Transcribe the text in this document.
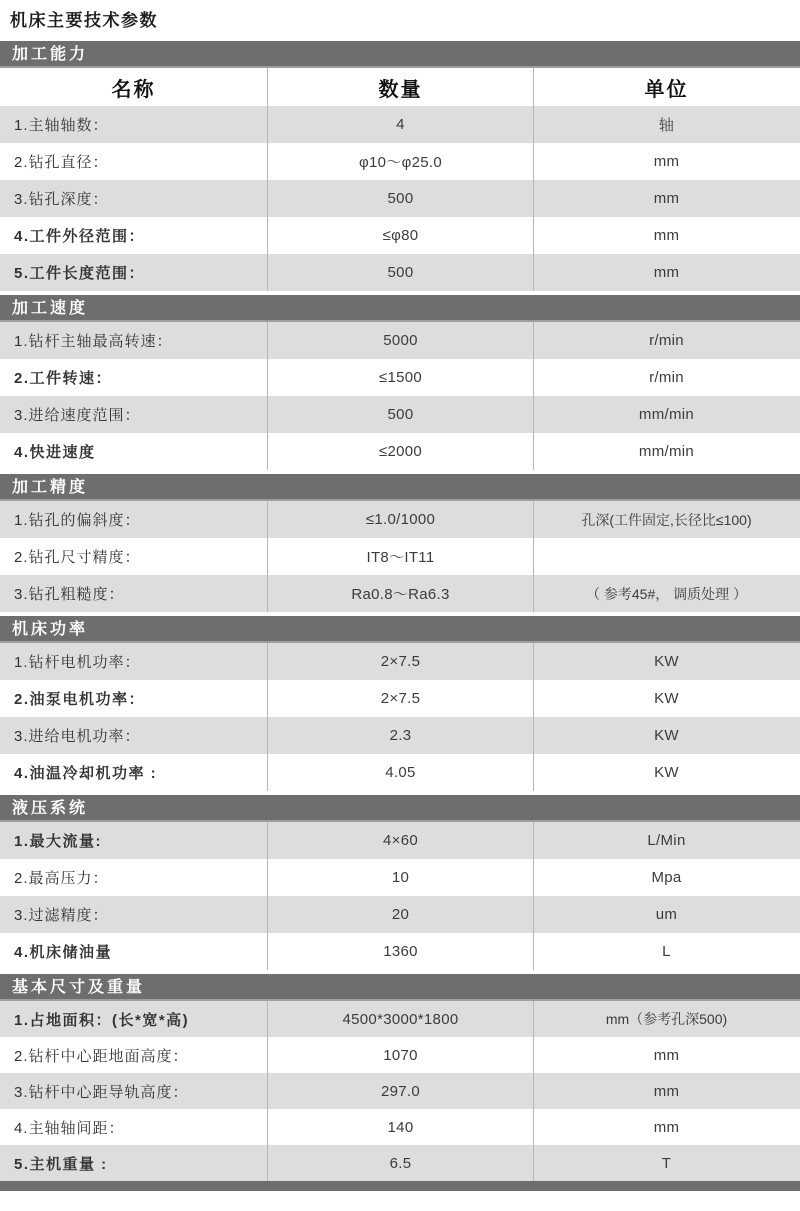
机床主要技术参数
加工能力
名称	数量	单位
1.主轴轴数：	4	轴
2.钻孔直径：	φ10～φ25.0	mm
3.钻孔深度：	500	mm
4.工件外径范围：	≤φ80	mm
5.工件长度范围：	500	mm
加工速度
1.钻杆主轴最高转速：	5000	r/min
2.工件转速：	≤1500	r/min
3.进给速度范围：	500	mm/min
4.快进速度	≤2000	mm/min
加工精度
1.钻孔的偏斜度：	≤1.0/1000	孔深(工件固定,长径比≤100)
2.钻孔尺寸精度：	IT8～IT11
3.钻孔粗糙度：	Ra0.8～Ra6.3	（ 参考45#， 调质处理 ）
机床功率
1.钻杆电机功率：	2×7.5	KW
2.油泵电机功率：	2×7.5	KW
3.进给电机功率：	2.3	KW
4.油温冷却机功率 :	4.05	KW
液压系统
1.最大流量:	4×60	L/Min
2.最高压力：	10	Mpa
3.过滤精度：	20	um
4.机床储油量	1360	L
基本尺寸及重量
1.占地面积：(长*宽*高)	4500*3000*1800	mm（参考孔深500)
2.钻杆中心距地面高度：	1070	mm
3.钻杆中心距导轨高度：	297.0	mm
4.主轴轴间距：	140	mm
5.主机重量 :	6.5	T
